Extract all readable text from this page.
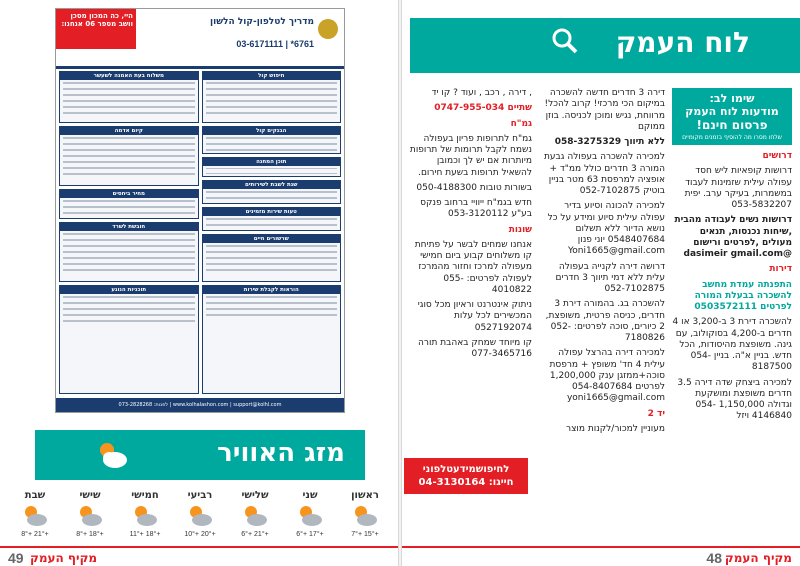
היי, כה המכון מסכן וושב מספר 06 אנחנו:	מדריך לטלפון-קול הלשון
03-6171111 | *6761
חיפוש קול
הבנקים קול
תוכן המחנה
שנת לשבת לשירותים
טעות שירות מזמינים
שרשורים חיים
הוראות לקבלת שירות
משלוח בעת האמנה לשעשר
קיום אדמה
מחיר ביחסים
חובשת לשרד
תוכניות הנוגע
www.kolhalashon.com | support@kolhl.com | לפנות: 073-2828268
מזג האוויר
ראשון
+15° +7°
שני
+17° +6°
שלישי
+21° +6°
רביעי
+20° +10°
חמישי
+18° +11°
שישי
+18° +8°
שבת
+21° +8°
49 מקיף העמק
לוח העמק
שימו לב:
מודעות לוח העמק
פרסום חינם!
שלחו מסרו מה להוסיף בזמנים מקומיים

דרושים

דרושות קופאיות ליש חסד עפולה עילית שזמינות לעבוד במשמרות, בעיקר ערב. יפית 053-5832207

דרושות נשים לעבודה מהבית ,שיחות נכנסות, תנאים מעולים ,לפרטים ורישום @dasimeir gmail.com

דירות

התפנתה עמדת מחשב להשכרה בבעלת המורה לפרטים 0503572111

להשכרה דירת 3 ב-3,200 או 4 חדרים ב-4,200 בסוקולוב, עם גינה. משופצת מהיסודות, הכל חדש. בניין א"ה. בניין 054-8187500

למכירה ביצחק שדה דירה 3.5 חדרים משופצת ומושקעת וגדולה 1,150,000 054-4146840 ויזל

דירה 3 חדרים חדשה להשכרה במיקום הכי מרכזי! קרוב להכל! מרווחת, נגיש ומוכן לכניסה. בוזן ממוקם

ללא תיווך 058-3275329

למכירה להשכרה בעפולה גבעת המורה 3 חדרים כולל ממ"ד + אופציה למרפסת 63 מטר בניין בוטיק 052-7102875

למכירה להכונה וסיוע בדיר עפולה עילית סיוע ומידע על כל נושא הדיור ללא תשלום 0548407684 יוני פנון Yoni1665@gmail.com

דרושה דירה לקנייה בעפולה עלית ללא דמי תיווך 3 חדרים 052-7102875

להשכרה בג. בהמורה דירת 3 חדרים, כניסה פרטית, משופצת, 2 כיורים, סוכה לפרטים: 052-7180826

למכירה דירה בהרצל עפולה עילית 4 חד' משופץ + מרפסת סוכה+ממזגן ענק 1,200,000 לפרטים 054-8407684 yoni1665@gmail.com

יד 2

מעוניין למכור/לקנות מוצר

, דירה , רכב , ועוד ? קו יד

שתיים 0747-955-034

גמ"ח

גמ"ח לתרופות פריון בעפולה נשמח לקבל תרומות של תרופות מיותרות אם יש לך וכמובן להשאיל תרופות בשעת חירום.

בשורות טובות 050-4188300

חדש בגמ"ח ייוויי ברחוב פנקס בע"ע 053-3120112

שונות

אנחנו שמחים לבשר על פתיחת קו משלוחים קבוע ביום חמישי מעפולה למרכז וחזור מהמרכז לעפולה לפרטים: 055-4010822

ניתוק אינטרנט וראיון מכל סוגי המכשירים לכל עלות 0527192074

קו מיוחד שמחק באהבת תורה 077-3465716

לחיפושמידעטלפוני חייגו: 04-3130164
48 מקיף העמק
